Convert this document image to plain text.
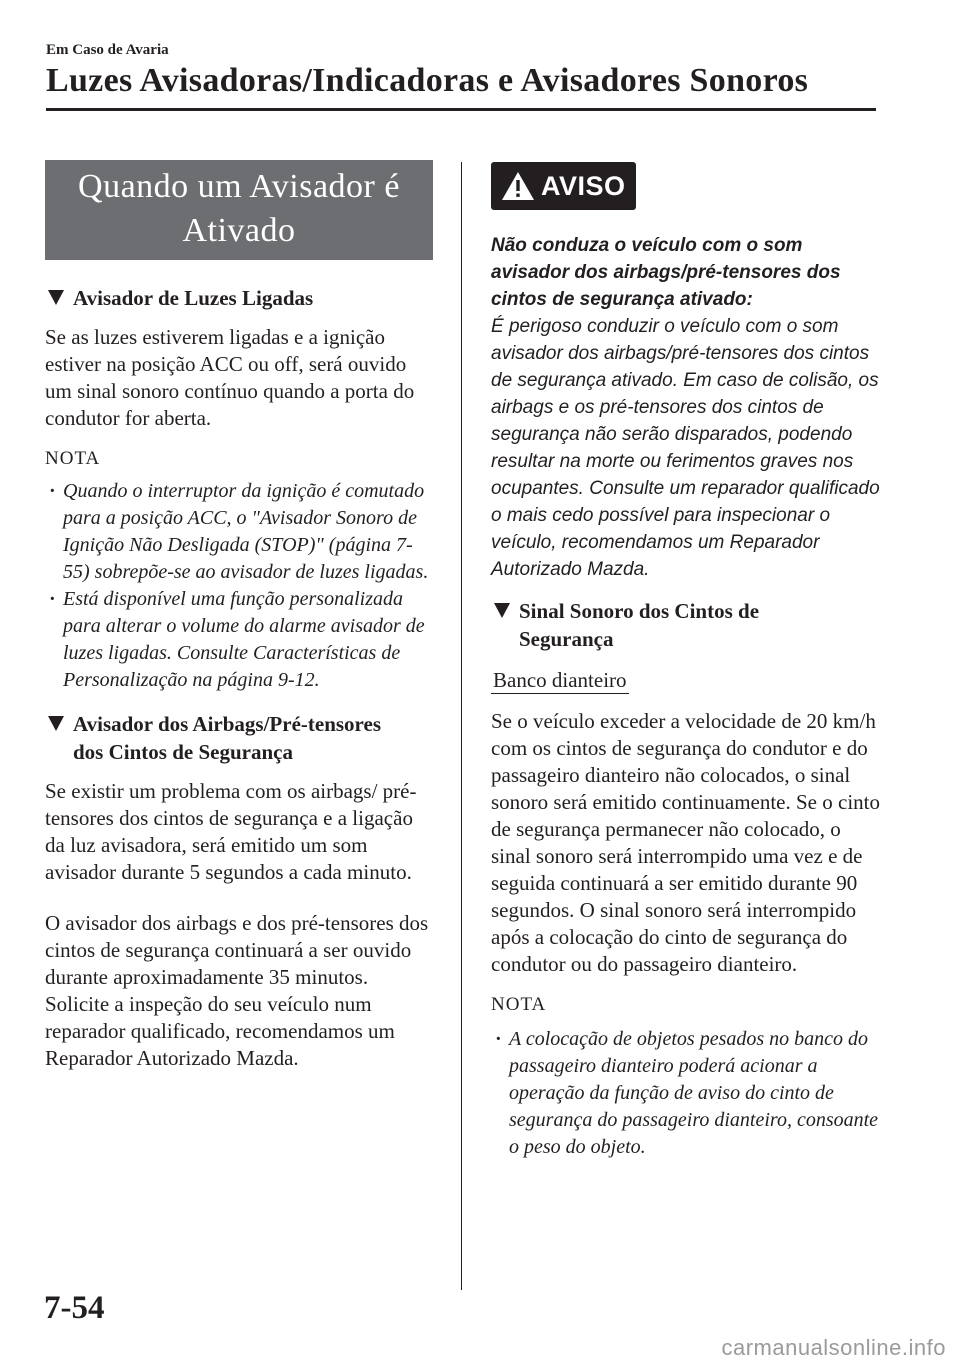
Em Caso de Avaria
Luzes Avisadoras/Indicadoras e Avisadores Sonoros
Quando um Avisador é
Ativado
Avisador de Luzes Ligadas

Se as luzes estiverem ligadas e a ignição estiver na posição ACC ou off, será ouvido um sinal sonoro contínuo quando a porta do condutor for aberta.

NOTA

· Quando o interruptor da ignição é comutado para a posição ACC, o "Avisador Sonoro de Ignição Não Desligada (STOP)" (página 7-55) sobrepõe-se ao avisador de luzes ligadas.
· Está disponível uma função personalizada para alterar o volume do alarme avisador de luzes ligadas. Consulte Características de Personalização na página 9-12.
Avisador dos Airbags/Pré-tensores
dos Cintos de Segurança

Se existir um problema com os airbags/ pré-tensores dos cintos de segurança e a ligação da luz avisadora, será emitido um som avisador durante 5 segundos a cada minuto.

O avisador dos airbags e dos pré-tensores dos cintos de segurança continuará a ser ouvido durante aproximadamente 35 minutos. Solicite a inspeção do seu veículo num reparador qualificado, recomendamos um Reparador Autorizado Mazda.

AVISO

Não conduza o veículo com o som avisador dos airbags/pré-tensores dos cintos de segurança ativado:
É perigoso conduzir o veículo com o som avisador dos airbags/pré-tensores dos cintos de segurança ativado. Em caso de colisão, os airbags e os pré-tensores dos cintos de segurança não serão disparados, podendo resultar na morte ou ferimentos graves nos ocupantes. Consulte um reparador qualificado o mais cedo possível para inspecionar o veículo, recomendamos um Reparador Autorizado Mazda.

Sinal Sonoro dos Cintos de
Segurança
Banco dianteiro

Se o veículo exceder a velocidade de 20 km/h com os cintos de segurança do condutor e do passageiro dianteiro não colocados, o sinal sonoro será emitido continuamente. Se o cinto de segurança permanecer não colocado, o sinal sonoro será interrompido uma vez e de seguida continuará a ser emitido durante 90 segundos. O sinal sonoro será interrompido após a colocação do cinto de segurança do condutor ou do passageiro dianteiro.

NOTA

· A colocação de objetos pesados no banco do passageiro dianteiro poderá acionar a operação da função de aviso do cinto de segurança do passageiro dianteiro, consoante o peso do objeto.
7-54
carmanualsonline.info
